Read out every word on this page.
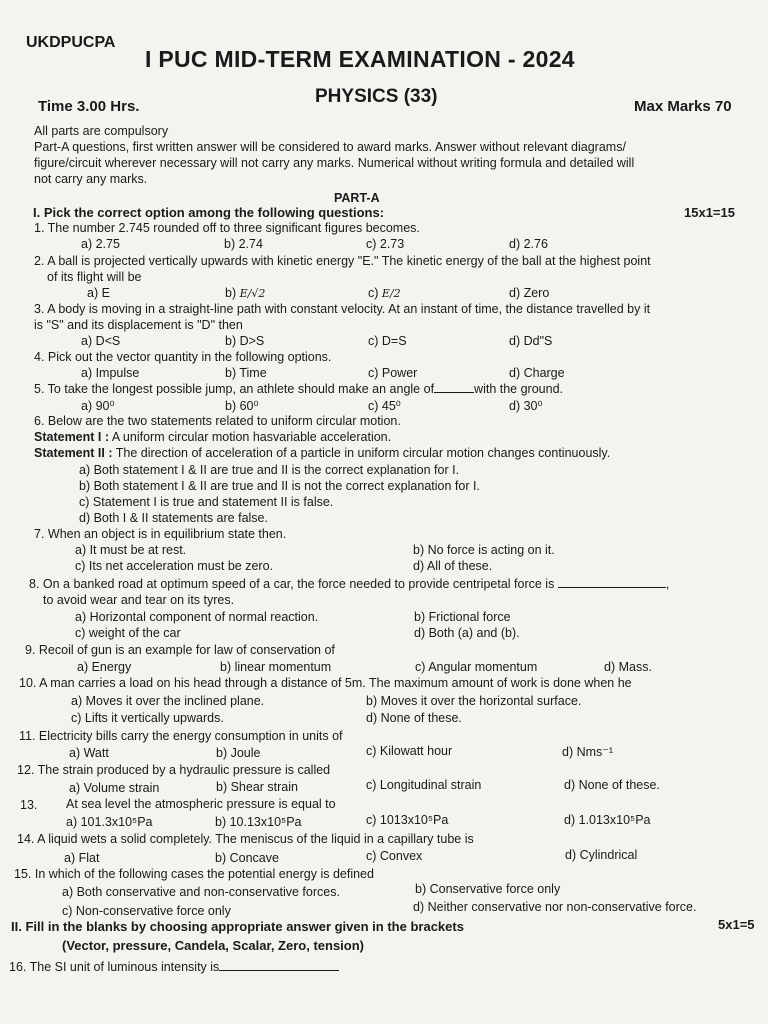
UKDPUCPA
I PUC MID-TERM EXAMINATION - 2024
PHYSICS (33)
Time 3.00 Hrs.	Max Marks 70
All parts are compulsory
Part-A questions, first written answer will be considered to award marks. Answer without relevant diagrams/
figure/circuit wherever necessary will not carry any marks. Numerical without writing formula and detailed will
not carry any marks.
PART-A
I. Pick the correct option among the following questions:	15x1=15
1. The number 2.745 rounded off to three significant figures becomes.
a) 2.75	b) 2.74	c) 2.73	d) 2.76
2. A ball is projected vertically upwards with kinetic energy "E." The kinetic energy of the ball at the highest point
of its flight will be
a) E	b) E/√2	c) E/2	d) Zero
3. A body is moving in a straight-line path with constant velocity. At an instant of time, the distance travelled by it
is "S" and its displacement is "D" then
a) D<S	b) D>S	c) D=S	d) Dd"S
4. Pick out the vector quantity in the following options.
a) Impulse	b) Time	c) Power	d) Charge
5. To take the longest possible jump, an athlete should make an angle of	with the ground.
a) 90⁰	b) 60⁰	c) 45⁰	d) 30⁰
6. Below are the two statements related to uniform circular motion.
Statement I : A uniform circular motion hasvariable acceleration.
Statement II : The direction of acceleration of a particle in uniform circular motion changes continuously.
a) Both statement I & II are true and II is the correct explanation for I.
b) Both statement I & II are true and II is not the correct explanation for I.
c) Statement I is true and statement II is false.
d) Both I & II statements are false.
7. When an object is in equilibrium state then.
a) It must be at rest.	b) No force is acting on it.
c) Its net acceleration must be zero.	d) All of these.
8. On a banked road at optimum speed of a car, the force needed to provide centripetal force is	,
to avoid wear and tear on its tyres.
a) Horizontal component of normal reaction.	b) Frictional force
c) weight of the car	d) Both (a) and (b).
9. Recoil of gun is an example for law of conservation of
a) Energy	b) linear momentum	c) Angular momentum	d) Mass.
10. A man carries a load on his head through a distance of 5m. The maximum amount of work is done when he
a) Moves it over the inclined plane.	b) Moves it over the horizontal surface.
c) Lifts it vertically upwards.	d) None of these.
11. Electricity bills carry the energy consumption in units of
a) Watt	b) Joule	c) Kilowatt hour	d) Nms⁻¹
12. The strain produced by a hydraulic pressure is called
a) Volume strain	b) Shear strain	c) Longitudinal strain	d) None of these.
13. At sea level the atmospheric pressure is equal to
a) 101.3x10⁵Pa	b) 10.13x10⁵Pa	c) 1013x10⁵Pa	d) 1.013x10⁵Pa
14. A liquid wets a solid completely. The meniscus of the liquid in a capillary tube is
a) Flat	b) Concave	c) Convex	d) Cylindrical
15. In which of the following cases the potential energy is defined
a) Both conservative and non-conservative forces.	b) Conservative force only
c) Non-conservative force only	d) Neither conservative nor non-conservative force.
II. Fill in the blanks by choosing appropriate answer given in the brackets	5x1=5
(Vector, pressure, Candela, Scalar, Zero, tension)
16. The SI unit of luminous intensity is
